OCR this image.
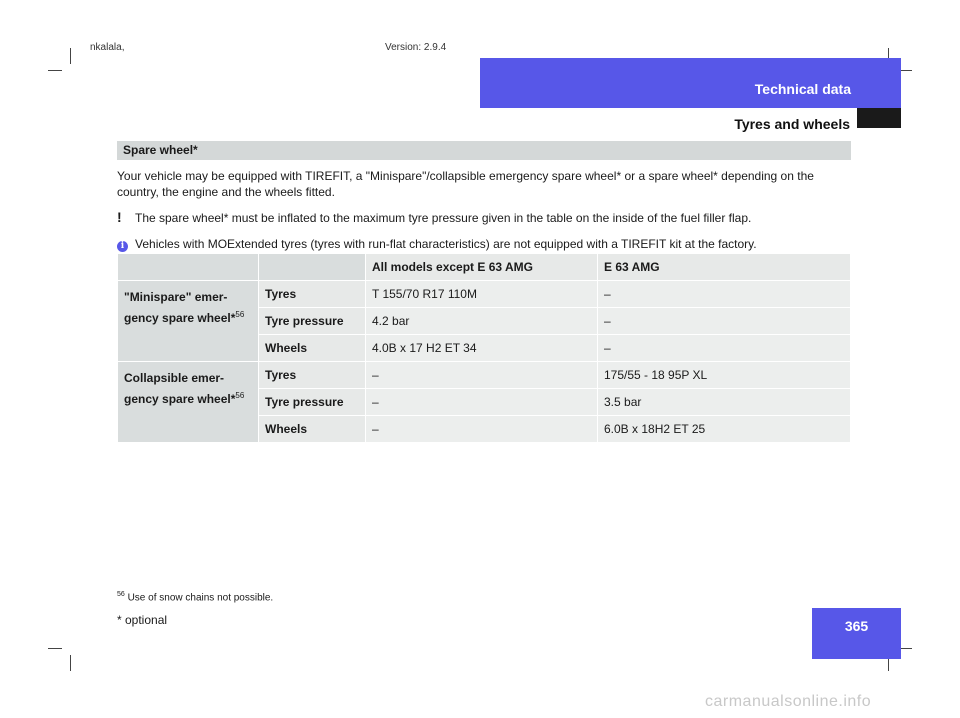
nkalala,	Version: 2.9.4
Technical data
Tyres and wheels
Spare wheel*
Your vehicle may be equipped with TIREFIT, a "Minispare"/collapsible emergency spare wheel* or a spare wheel* depending on the country, the engine and the wheels fitted.
!	The spare wheel* must be inflated to the maximum tyre pressure given in the table on the inside of the fuel filler flap.
i Vehicles with MOExtended tyres (tyres with run-flat characteristics) are not equipped with a TIREFIT kit at the factory.
		All models except E 63 AMG	E 63 AMG
"Minispare" emer-
gency spare wheel*$^{56}$	Tyres	T 155/70 R17 110M	–
	Tyre pressure	4.2 bar	–
	Wheels	4.0B x 17 H2 ET 34	–
Collapsible emer-
gency spare wheel*$^{56}$	Tyres	–	175/55 - 18 95P XL
	Tyre pressure	–	3.5 bar
	Wheels	–	6.0B x 18H2 ET 25
$^{56}$ Use of snow chains not possible.
* optional	365
carmanualsonline.info
